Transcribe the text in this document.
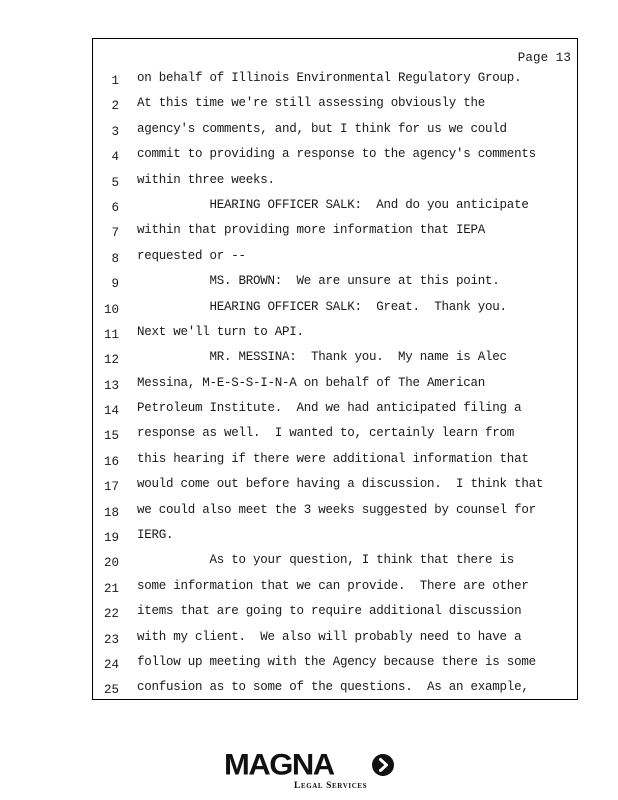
Page 13
1 on behalf of Illinois Environmental Regulatory Group.
2 At this time we're still assessing obviously the
3 agency's comments, and, but I think for us we could
4 commit to providing a response to the agency's comments
5 within three weeks.
6 HEARING OFFICER SALK:  And do you anticipate
7 within that providing more information that IEPA
8 requested or --
9 MS. BROWN:  We are unsure at this point.
10 HEARING OFFICER SALK:  Great.  Thank you.
11 Next we'll turn to API.
12 MR. MESSINA:  Thank you.  My name is Alec
13 Messina, M-E-S-S-I-N-A on behalf of The American
14 Petroleum Institute.  And we had anticipated filing a
15 response as well.  I wanted to, certainly learn from
16 this hearing if there were additional information that
17 would come out before having a discussion.  I think that
18 we could also meet the 3 weeks suggested by counsel for
19 IERG.
20 As to your question, I think that there is
21 some information that we can provide.  There are other
22 items that are going to require additional discussion
23 with my client.  We also will probably need to have a
24 follow up meeting with the Agency because there is some
25 confusion as to some of the questions.  As an example,
MAGNA
Legal Services
